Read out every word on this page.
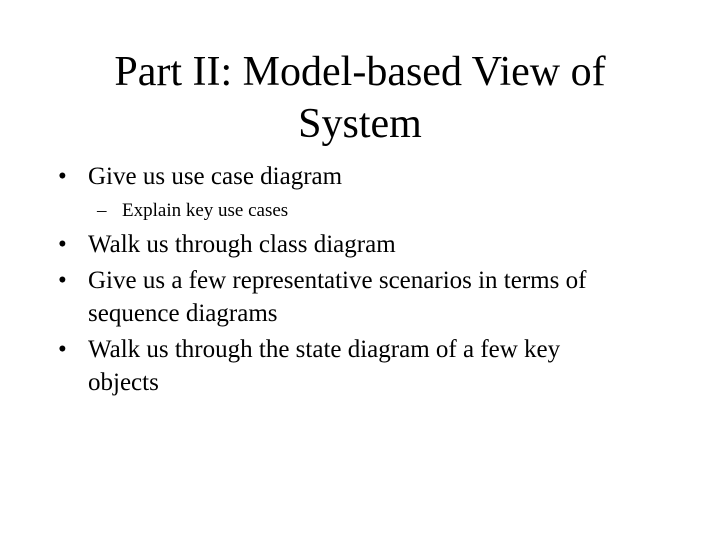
Part II: Model-based View of
System
• Give us use case diagram
– Explain key use cases
• Walk us through class diagram
• Give us a few representative scenarios in terms of
sequence diagrams
• Walk us through the state diagram of a few key
objects
